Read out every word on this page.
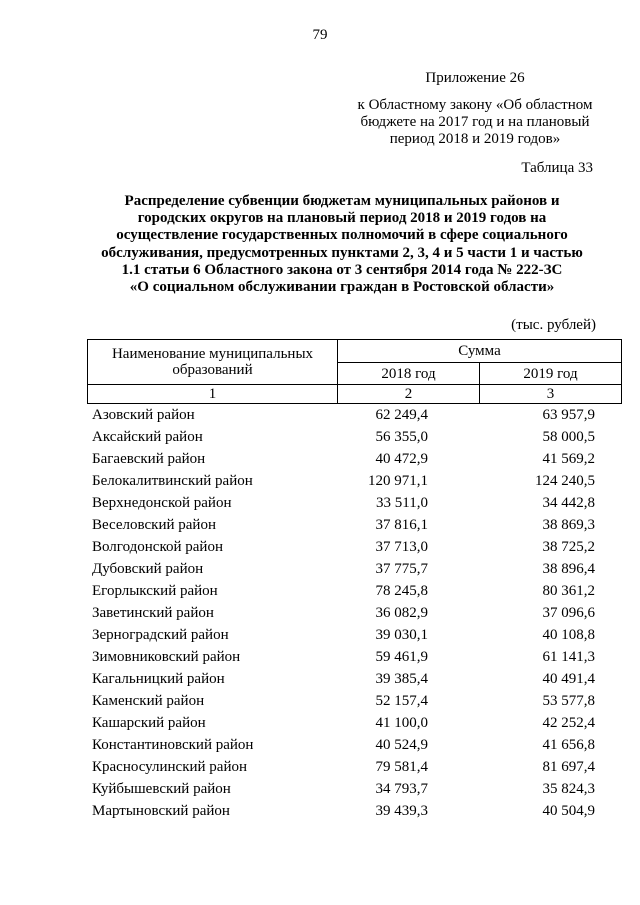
79
Приложение 26
к Областному закону «Об областном
бюджете на 2017 год и на плановый
период 2018 и 2019 годов»
Таблица 33
Распределение субвенции бюджетам муниципальных районов и
городских округов на плановый период 2018 и 2019 годов на
осуществление государственных полномочий в сфере социального
обслуживания, предусмотренных пунктами 2, 3, 4 и 5 части 1 и частью
1.1 статьи 6 Областного закона от 3 сентября 2014 года № 222-ЗС
«О социальном обслуживании граждан в Ростовской области»
(тыс. рублей)
Наименование муниципальных образований	Сумма	
	2018 год	2019 год
1	2	3
Азовский район	62 249,4	63 957,9
Аксайский район	56 355,0	58 000,5
Багаевский район	40 472,9	41 569,2
Белокалитвинский район	120 971,1	124 240,5
Верхнедонской район	33 511,0	34 442,8
Веселовский район	37 816,1	38 869,3
Волгодонской район	37 713,0	38 725,2
Дубовский район	37 775,7	38 896,4
Егорлыкский район	78 245,8	80 361,2
Заветинский район	36 082,9	37 096,6
Зерноградский район	39 030,1	40 108,8
Зимовниковский район	59 461,9	61 141,3
Кагальницкий район	39 385,4	40 491,4
Каменский район	52 157,4	53 577,8
Кашарский район	41 100,0	42 252,4
Константиновский район	40 524,9	41 656,8
Красносулинский район	79 581,4	81 697,4
Куйбышевский район	34 793,7	35 824,3
Мартыновский район	39 439,3	40 504,9
